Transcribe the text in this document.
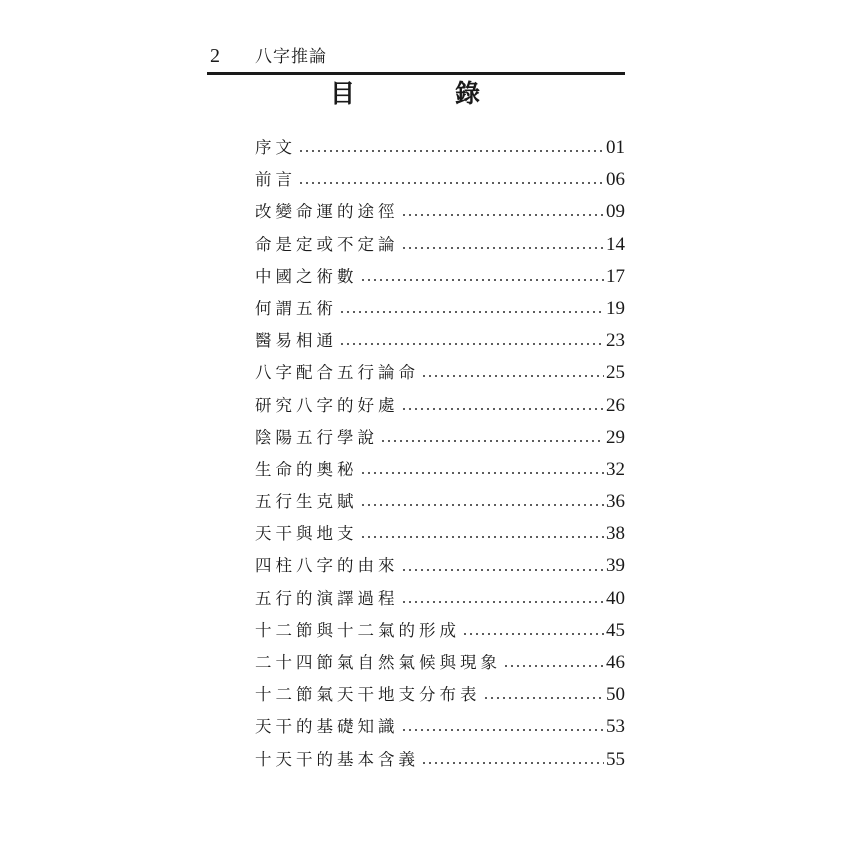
2 八字推論
目	錄
序文	01
前言	06
改變命運的途徑	09
命是定或不定論	14
中國之術數	17
何謂五術	19
醫易相通	23
八字配合五行論命	25
研究八字的好處	26
陰陽五行學說	29
生命的奧秘	32
五行生克賦	36
天干與地支	38
四柱八字的由來	39
五行的演譯過程	40
十二節與十二氣的形成	45
二十四節氣自然氣候與現象	46
十二節氣天干地支分布表	50
天干的基礎知識	53
十天干的基本含義	55
